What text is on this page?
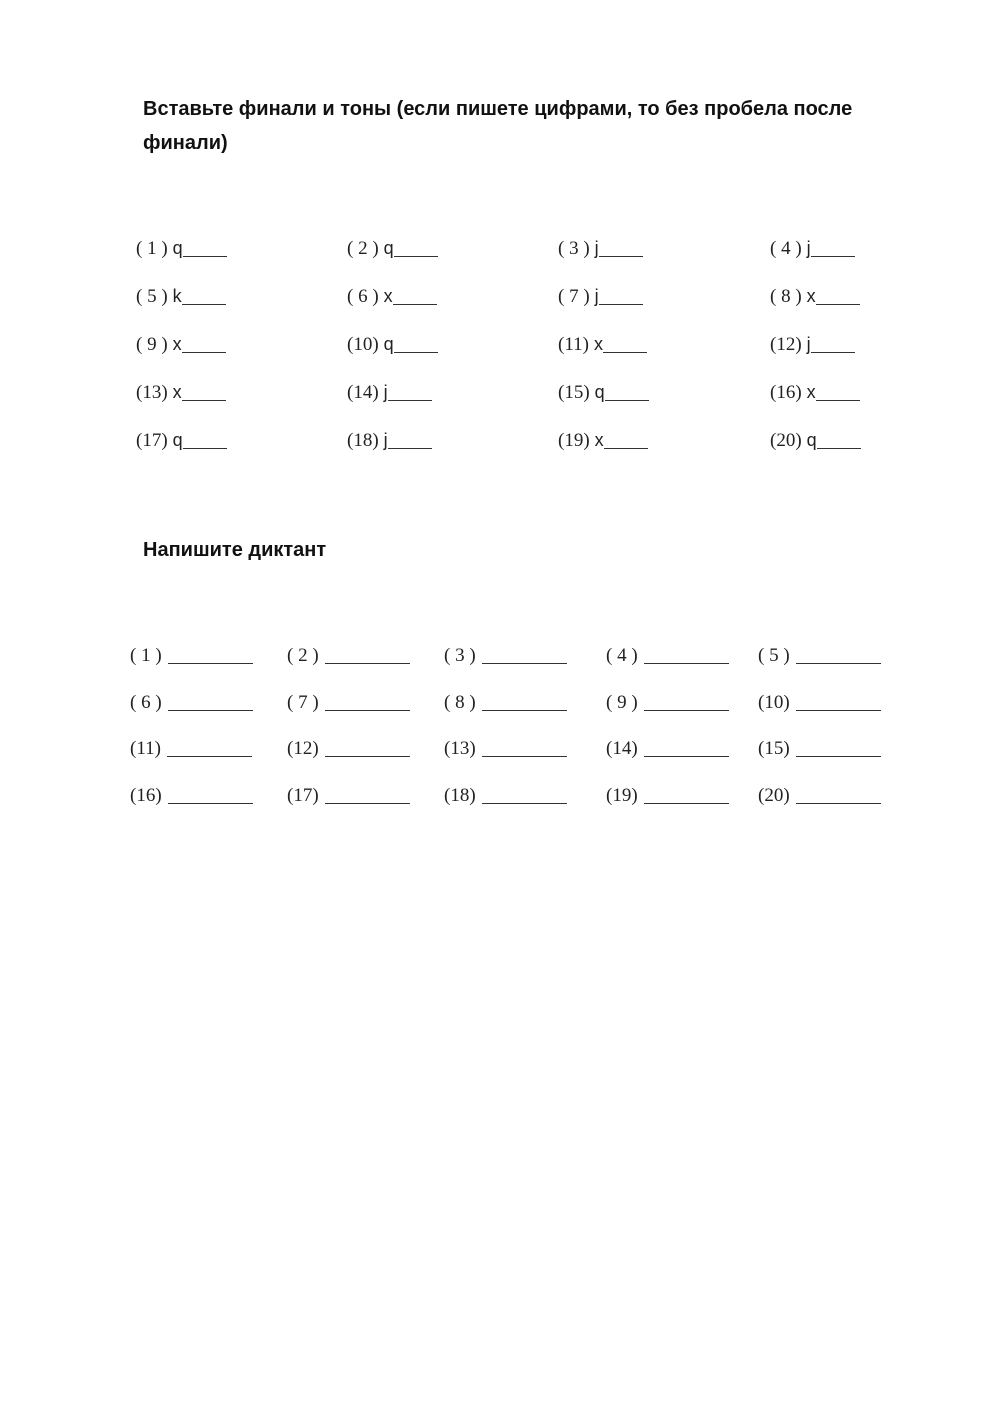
Вставьте финали и тоны (если пишете цифрами, то без пробела после финали)
( 1 ) q	( 2 ) q	( 3 ) j	( 4 ) j
( 5 ) k	( 6 ) x	( 7 ) j	( 8 ) x
( 9 ) x	(10) q	(11) x	(12) j
(13) x	(14) j	(15) q	(16) x
(17) q	(18) j	(19) x	(20) q
Напишите диктант
( 1 )	( 2 )	( 3 )	( 4 )	( 5 )
( 6 )	( 7 )	( 8 )	( 9 )	(10)
(11)	(12)	(13)	(14)	(15)
(16)	(17)	(18)	(19)	(20)
